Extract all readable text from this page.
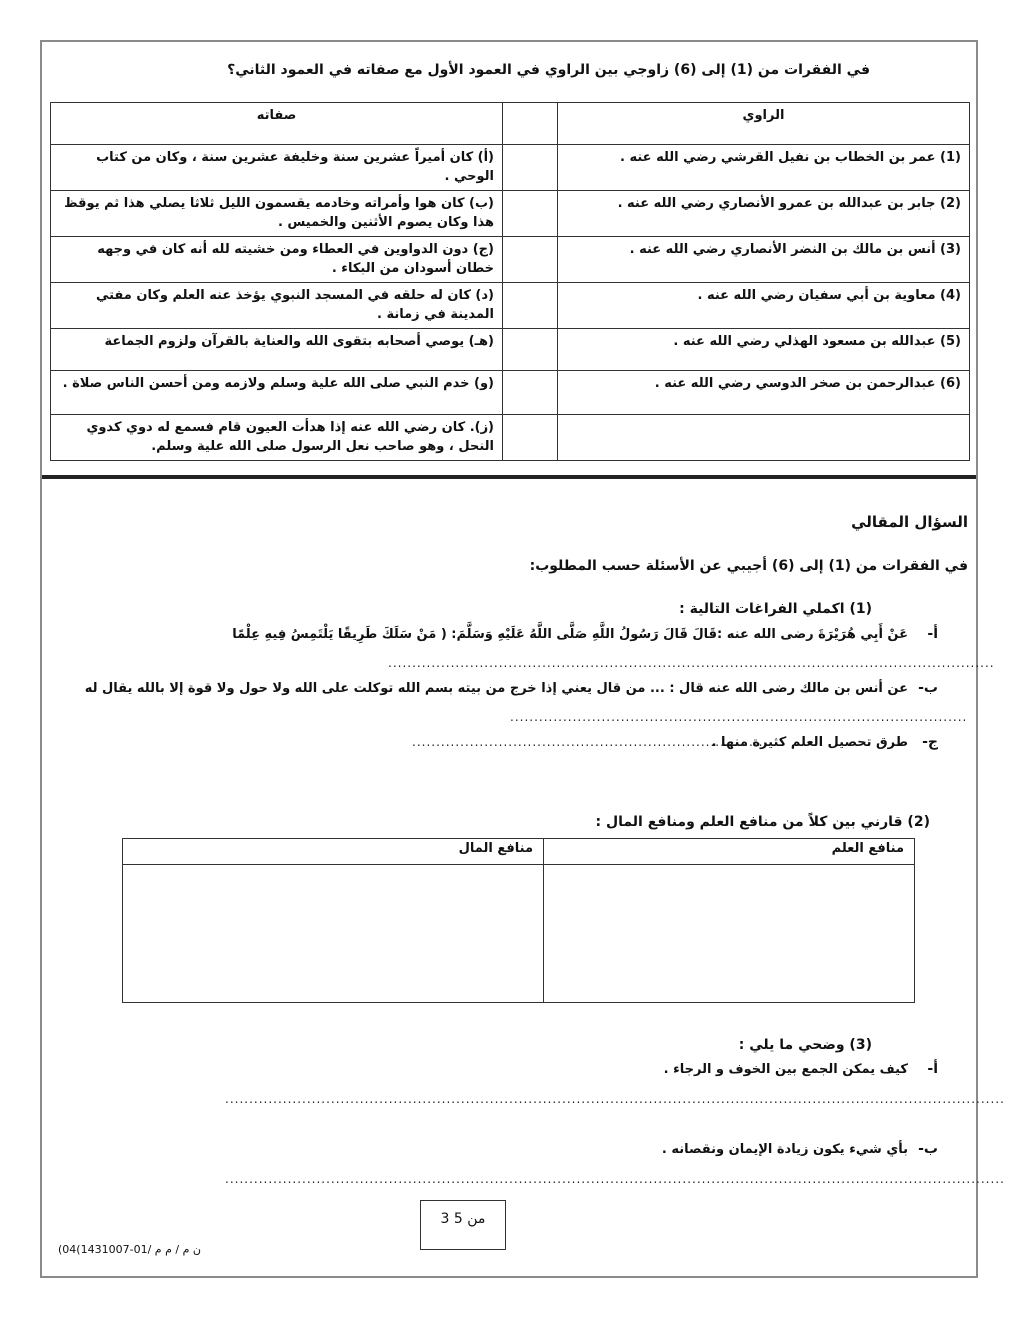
في الفقرات من (1) إلى (6) زاوجي بين الراوي في العمود الأول مع صفاته في العمود الثاني؟
الراوي		صفاته
(1) عمر بن الخطاب بن نفيل القرشي رضي الله عنه .		(أ) كان أميراً عشرين سنة وخليفة عشرين سنة ، وكان من كتاب الوحي .
(2) جابر بن عبدالله بن عمرو الأنصاري رضي الله عنه .		(ب) كان هوا وأمراته وخادمه يقسمون الليل ثلاثا يصلي هذا ثم يوقظ هذا وكان يصوم الأثنين والخميس .
(3) أنس بن مالك بن النضر الأنصاري رضي الله عنه .		(ج) دون الدواوين في العطاء ومن خشيته لله أنه كان في وجهه خطان أسودان من البكاء .
(4) معاوية بن أبي سفيان رضي الله عنه .		(د) كان له حلقه في المسجد النبوي يؤخذ عنه العلم وكان مفتي المدينة في زمانة .
(5) عبدالله بن مسعود الهذلي رضي الله عنه .		(هـ) يوصي أصحابه بتقوى الله والعناية بالقرآن ولزوم الجماعة
(6) عبدالرحمن بن صخر الدوسي رضي الله عنه .		(و) خدم النبي صلى الله علية وسلم ولازمه ومن أحسن الناس صلاة .
		(ز). كان رضي الله عنه إذا هدأت العيون قام فسمع له دوي كدوي النحل ، وهو صاحب نعل الرسول صلى الله علية وسلم.
السؤال المقالي
في الفقرات من (1) إلى (6) أجيبي عن الأسئلة حسب المطلوب:
(1) اكملي الفراغات التالية :
أ-
عَنْ أَبِي هُرَيْرَةَ رضى الله عنه :قَالَ قَالَ رَسُولُ اللَّهِ صَلَّى اللَّهُ عَلَيْهِ وَسَلَّمَ: ( مَنْ سَلَكَ طَرِيقًا يَلْتَمِسُ فِيهِ عِلْمًا
..............................................................................................................................
ب-
عن أنس بن مالك رضى الله عنه قال : ... من قال يعني إذا خرج من بيته بسم الله توكلت على الله ولا حول ولا قوة إلا بالله يقال له
...............................................................................................
ج-
طرق تحصيل العلم كثيرة منها .
.........................................................................
(2) قارني بين كلاً من منافع العلم ومنافع المال :
منافع العلم	منافع المال

(3) وضحي ما يلي :
أ-
كيف يمكن الجمع بين الخوف و الرجاء .
..................................................................................................................................................................
ب-
بأي شيء يكون زيادة الإيمان ونقصانه .
..................................................................................................................................................................
3 من 5
ن م / م م /01-1431007)04)
